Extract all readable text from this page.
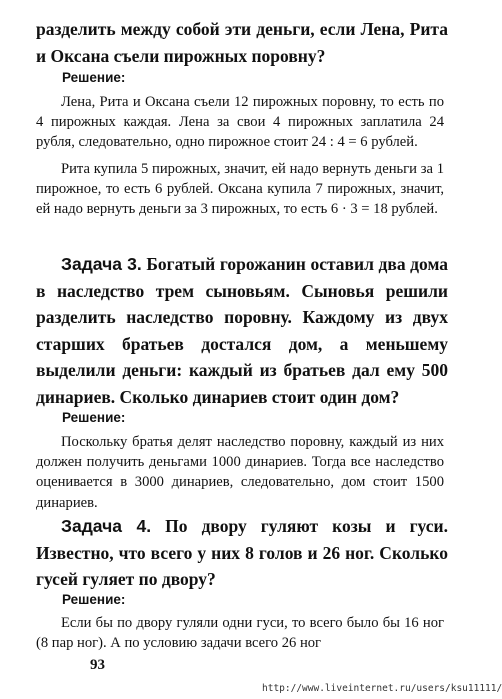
разделить между собой эти деньги, если Лена, Рита и Оксана съели пирожных поровну?

Решение:

Лена, Рита и Оксана съели 12 пирожных поровну, то есть по 4 пирожных каждая. Лена за свои 4 пирожных заплатила 24 рубля, следовательно, одно пирожное стоит 24 : 4 = 6 рублей.

Рита купила 5 пирожных, значит, ей надо вернуть деньги за 1 пирожное, то есть 6 рублей. Оксана купила 7 пирожных, значит, ей надо вернуть деньги за 3 пирожных, то есть 6 · 3 = 18 рублей.

Задача 3. Богатый горожанин оставил два дома в наследство трем сыновьям. Сыновья решили разделить наследство поровну. Каждому из двух старших братьев достался дом, а меньшему выделили деньги: каждый из братьев дал ему 500 динариев. Сколько динариев стоит один дом?

Решение:

Поскольку братья делят наследство поровну, каждый из них должен получить деньгами 1000 динариев. Тогда все наследство оценивается в 3000 динариев, следовательно, дом стоит 1500 динариев.

Задача 4. По двору гуляют козы и гуси. Известно, что всего у них 8 голов и 26 ног. Сколько гусей гуляет по двору?

Решение:

Если бы по двору гуляли одни гуси, то всего было бы 16 ног (8 пар ног). А по условию задачи всего 26 ног

93

http://www.liveinternet.ru/users/ksu11111/
